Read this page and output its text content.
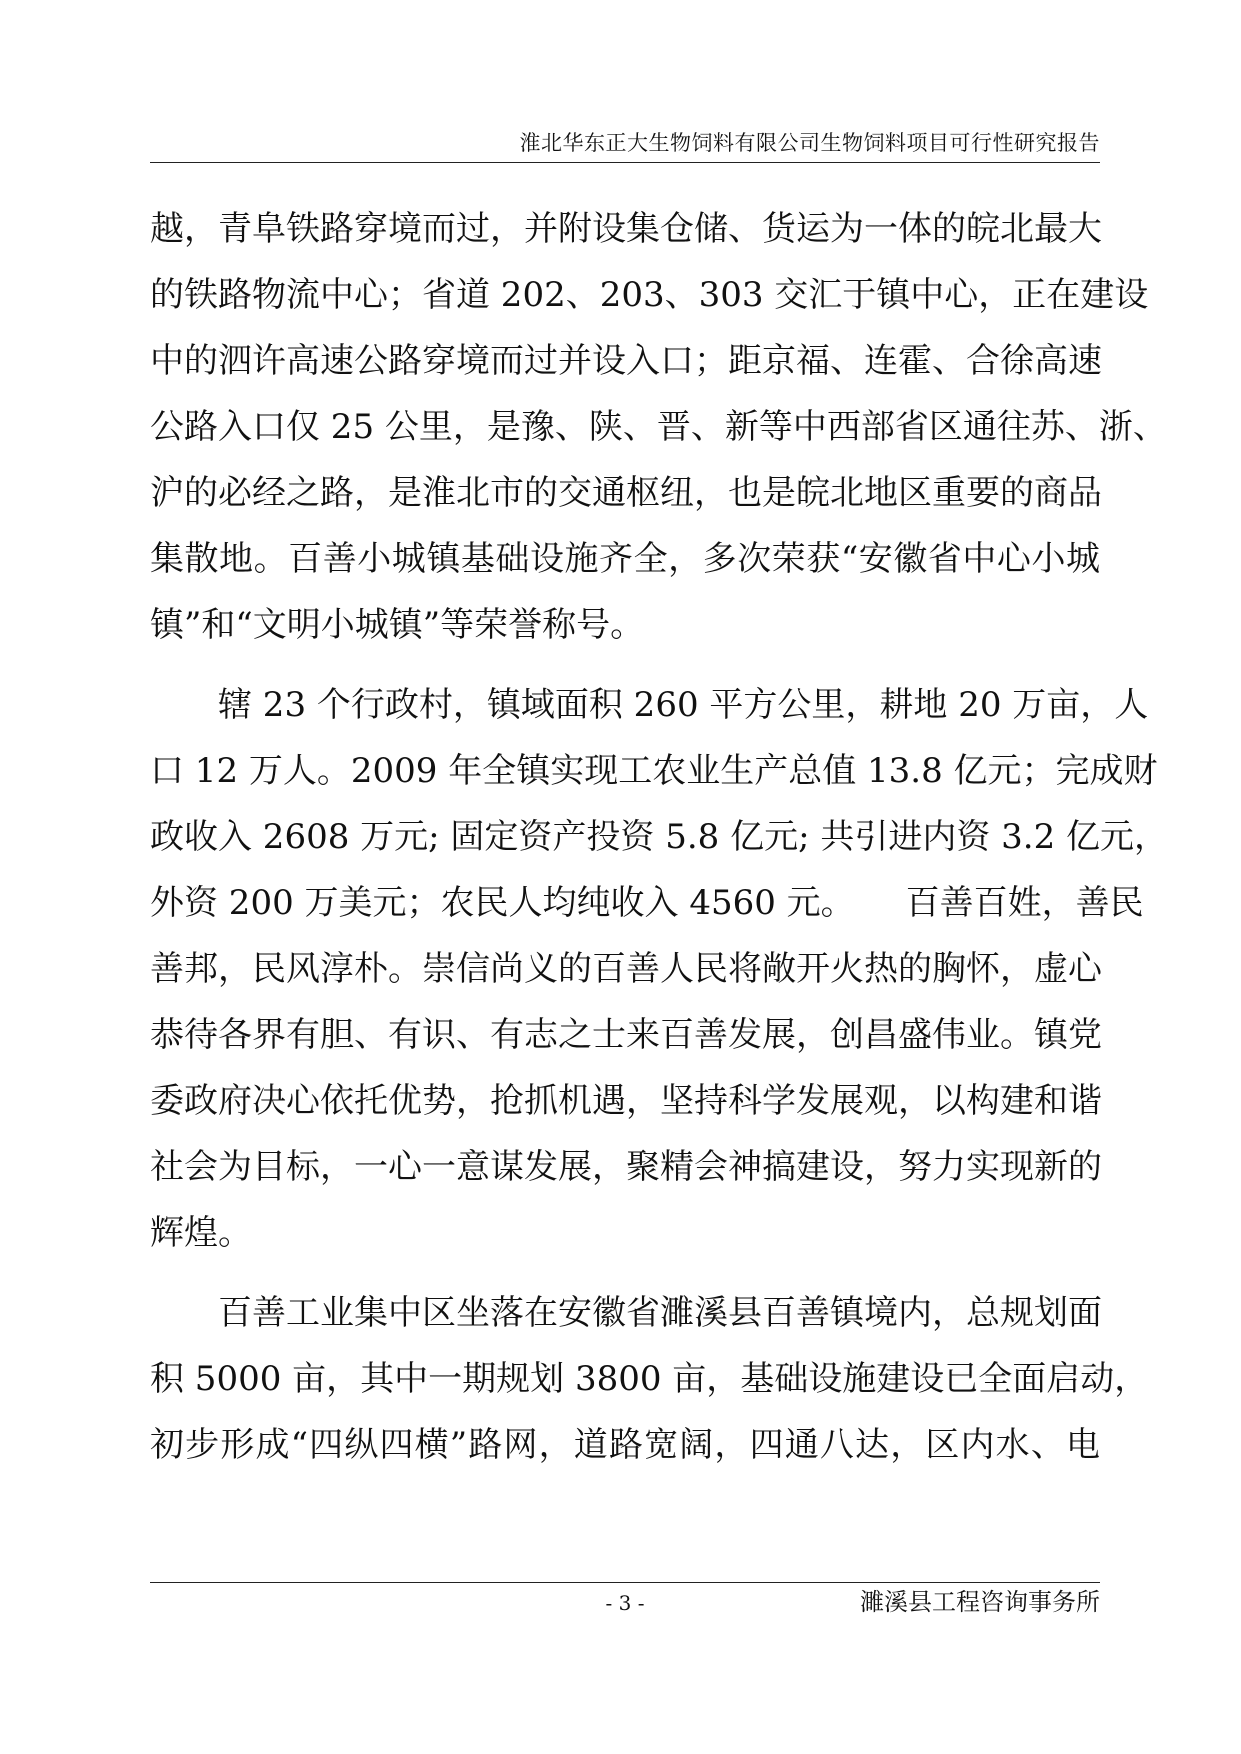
淮北华东正大生物饲料有限公司生物饲料项目可行性研究报告
越，青阜铁路穿境而过，并附设集仓储、货运为一体的皖北最大
的铁路物流中心；省道 202、203、303 交汇于镇中心，正在建设
中的泗许高速公路穿境而过并设入口；距京福、连霍、合徐高速
公路入口仅 25 公里，是豫、陕、晋、新等中西部省区通往苏、浙、
沪的必经之路，是淮北市的交通枢纽，也是皖北地区重要的商品
集散地。百善小城镇基础设施齐全，多次荣获“安徽省中心小城
镇”和“文明小城镇”等荣誉称号。
　　辖 23 个行政村，镇域面积 260 平方公里，耕地 20 万亩，人
口 12 万人。2009 年全镇实现工农业生产总值 13.8 亿元；完成财
政收入 2608 万元; 固定资产投资 5.8 亿元; 共引进内资 3.2 亿元，
外资 200 万美元；农民人均纯收入 4560 元。　　百善百姓，善民
善邦，民风淳朴。崇信尚义的百善人民将敞开火热的胸怀，虚心
恭待各界有胆、有识、有志之士来百善发展，创昌盛伟业。镇党
委政府决心依托优势，抢抓机遇，坚持科学发展观，以构建和谐
社会为目标，一心一意谋发展，聚精会神搞建设，努力实现新的
辉煌。
　　百善工业集中区坐落在安徽省濉溪县百善镇境内，总规划面
积 5000 亩，其中一期规划 3800 亩，基础设施建设已全面启动，
初步形成“四纵四横”路网，道路宽阔，四通八达，区内水、电
- 3 -	濉溪县工程咨询事务所
